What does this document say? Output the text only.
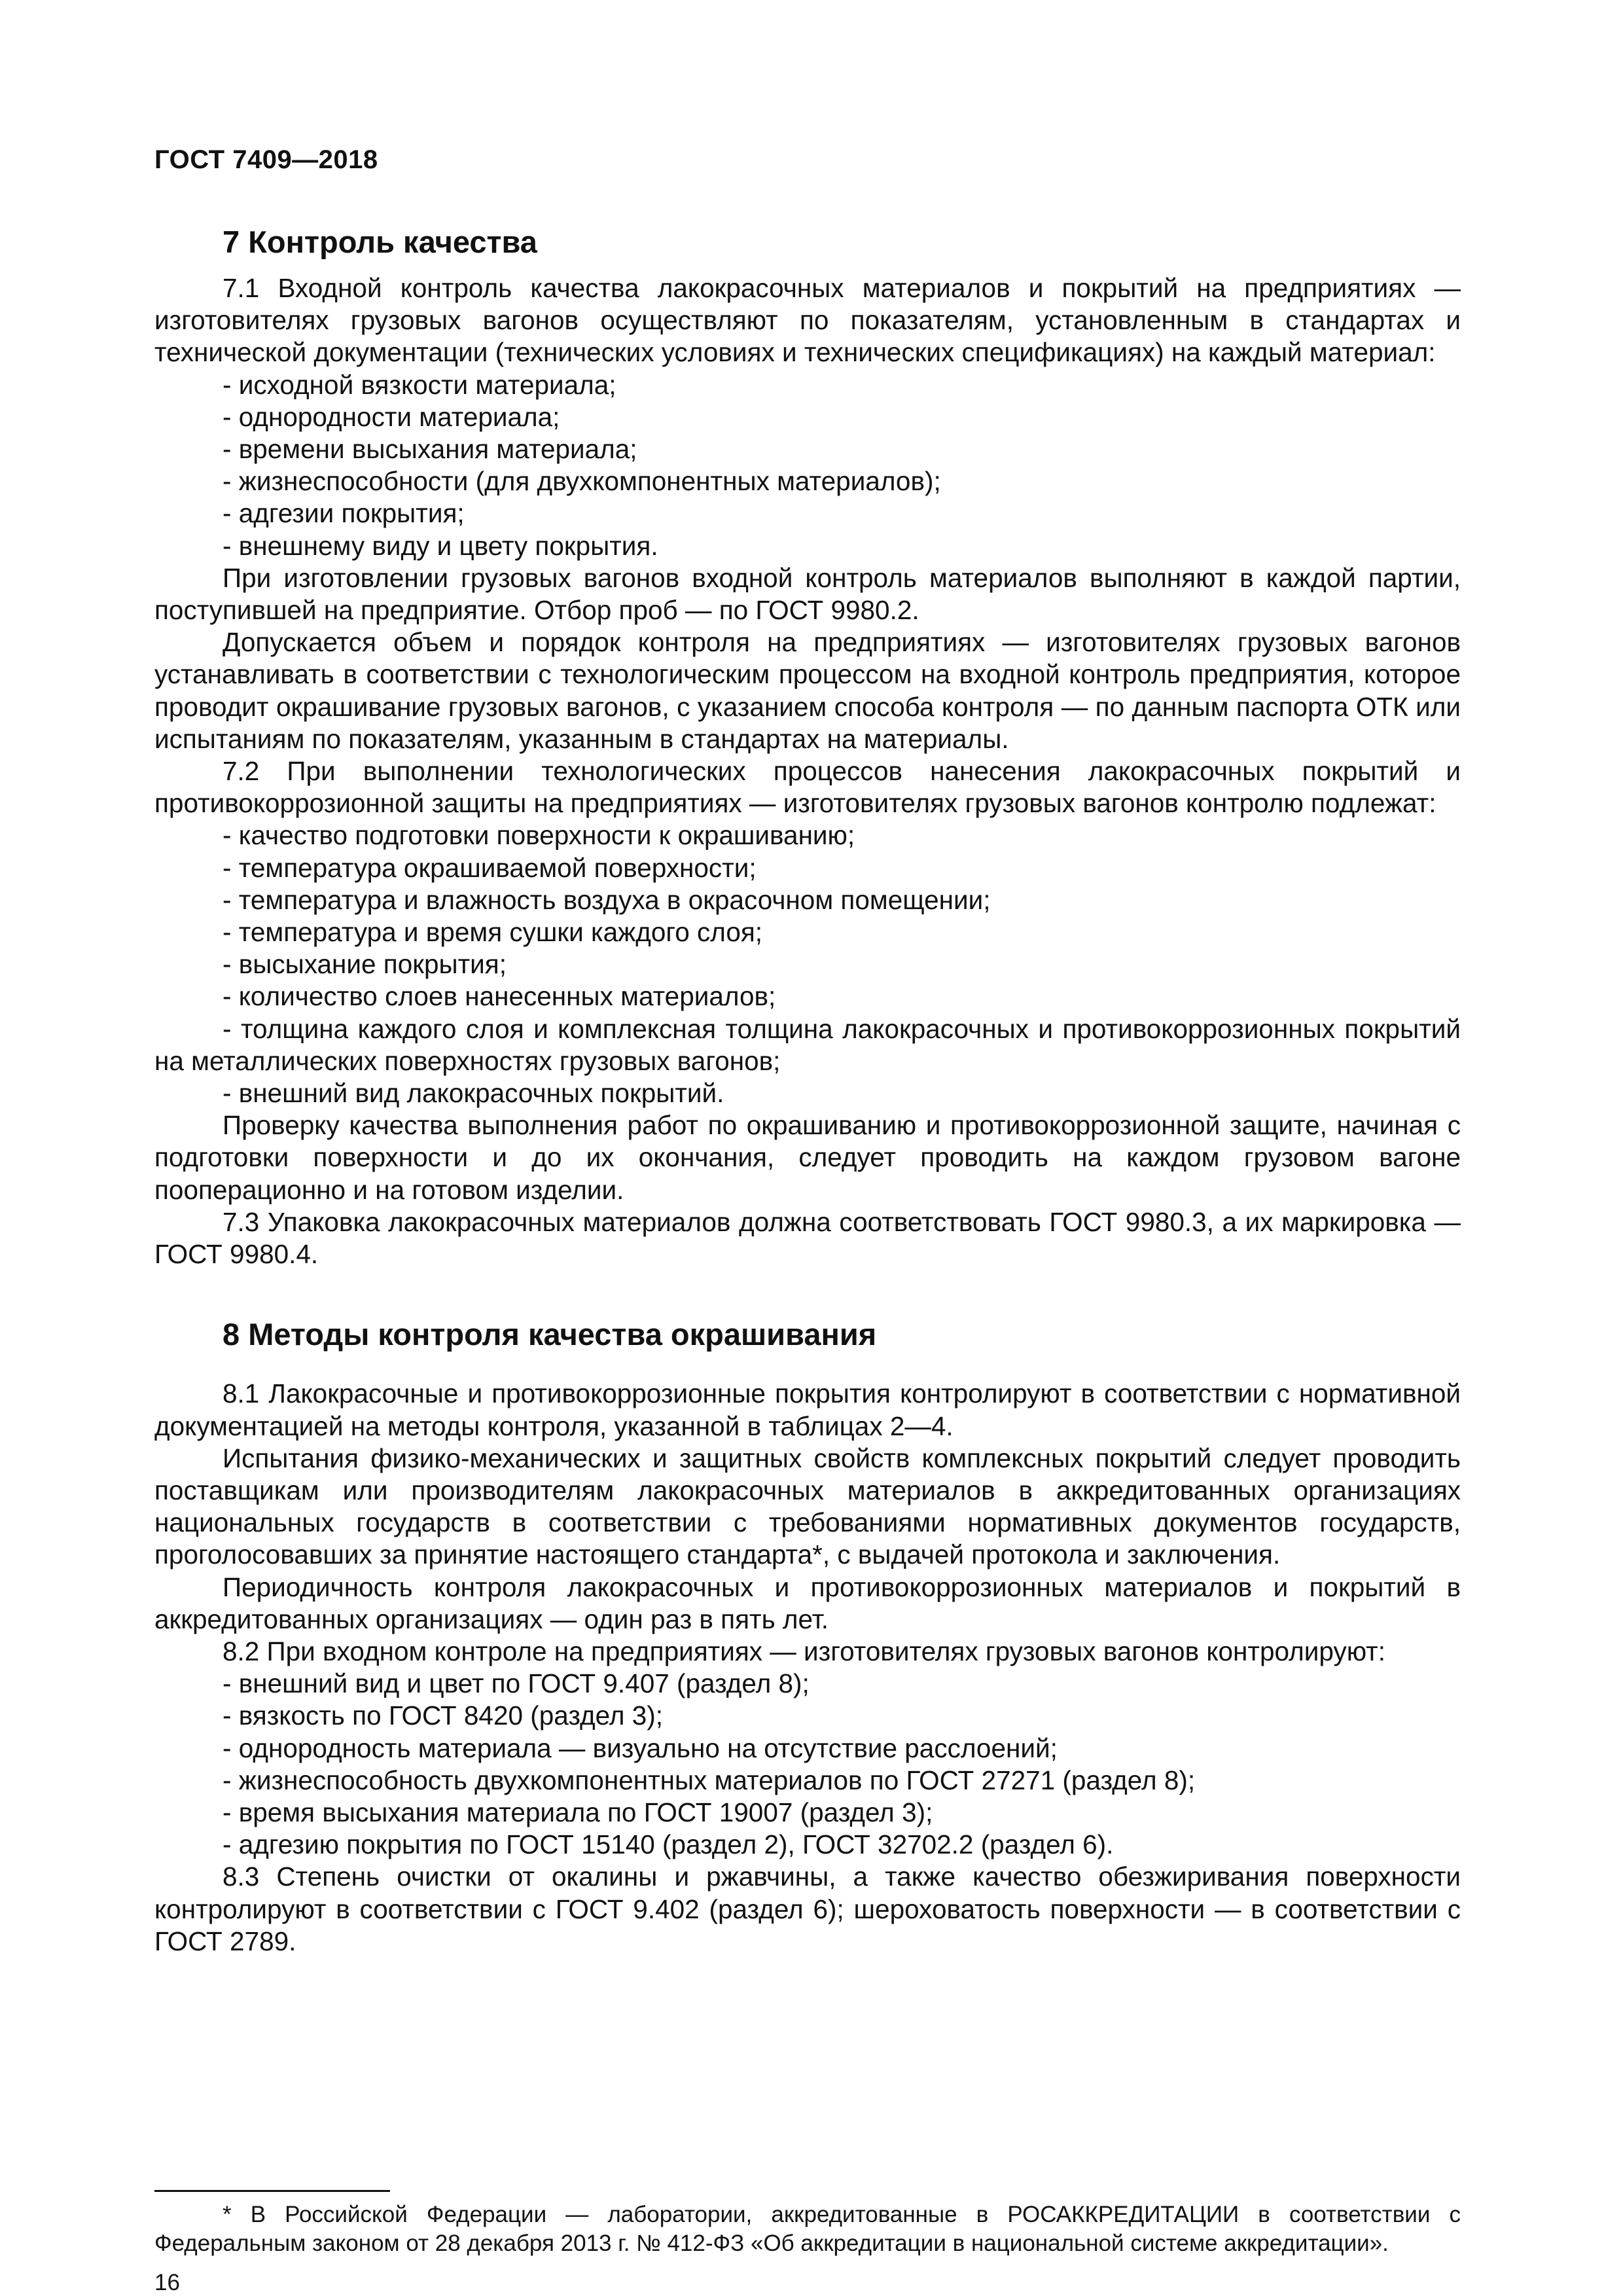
ГОСТ 7409—2018
7 Контроль качества

7.1 Входной контроль качества лакокрасочных материалов и покрытий на предприятиях — изготовителях грузовых вагонов осуществляют по показателям, установленным в стандартах и технической документации (технических условиях и технических спецификациях) на каждый материал:

- исходной вязкости материала;

- однородности материала;

- времени высыхания материала;

- жизнеспособности (для двухкомпонентных материалов);

- адгезии покрытия;

- внешнему виду и цвету покрытия.

При изготовлении грузовых вагонов входной контроль материалов выполняют в каждой партии, поступившей на предприятие. Отбор проб — по ГОСТ 9980.2.

Допускается объем и порядок контроля на предприятиях — изготовителях грузовых вагонов устанавливать в соответствии с технологическим процессом на входной контроль предприятия, которое проводит окрашивание грузовых вагонов, с указанием способа контроля — по данным паспорта ОТК или испытаниям по показателям, указанным в стандартах на материалы.

7.2 При выполнении технологических процессов нанесения лакокрасочных покрытий и противокоррозионной защиты на предприятиях — изготовителях грузовых вагонов контролю подлежат:

- качество подготовки поверхности к окрашиванию;

- температура окрашиваемой поверхности;

- температура и влажность воздуха в окрасочном помещении;

- температура и время сушки каждого слоя;

- высыхание покрытия;

- количество слоев нанесенных материалов;

- толщина каждого слоя и комплексная толщина лакокрасочных и противокоррозионных покрытий на металлических поверхностях грузовых вагонов;

- внешний вид лакокрасочных покрытий.

Проверку качества выполнения работ по окрашиванию и противокоррозионной защите, начиная с подготовки поверхности и до их окончания, следует проводить на каждом грузовом вагоне пооперационно и на готовом изделии.

7.3 Упаковка лакокрасочных материалов должна соответствовать ГОСТ 9980.3, а их маркировка — ГОСТ 9980.4.

8 Методы контроля качества окрашивания

8.1 Лакокрасочные и противокоррозионные покрытия контролируют в соответствии с нормативной документацией на методы контроля, указанной в таблицах 2—4.

Испытания физико-механических и защитных свойств комплексных покрытий следует проводить поставщикам или производителям лакокрасочных материалов в аккредитованных организациях национальных государств в соответствии с требованиями нормативных документов государств, проголосовавших за принятие настоящего стандарта*, с выдачей протокола и заключения.

Периодичность контроля лакокрасочных и противокоррозионных материалов и покрытий в аккредитованных организациях — один раз в пять лет.

8.2 При входном контроле на предприятиях — изготовителях грузовых вагонов контролируют:

- внешний вид и цвет по ГОСТ 9.407 (раздел 8);

- вязкость по ГОСТ 8420 (раздел 3);

- однородность материала — визуально на отсутствие расслоений;

- жизнеспособность двухкомпонентных материалов по ГОСТ 27271 (раздел 8);

- время высыхания материала по ГОСТ 19007 (раздел 3);

- адгезию покрытия по ГОСТ 15140 (раздел 2), ГОСТ 32702.2 (раздел 6).

8.3 Степень очистки от окалины и ржавчины, а также качество обезжиривания поверхности контролируют в соответствии с ГОСТ 9.402 (раздел 6); шероховатость поверхности — в соответствии с ГОСТ 2789.

* В Российской Федерации — лаборатории, аккредитованные в РОСАККРЕДИТАЦИИ в соответствии с Федеральным законом от 28 декабря 2013 г. № 412-ФЗ «Об аккредитации в национальной системе аккредитации».

16
